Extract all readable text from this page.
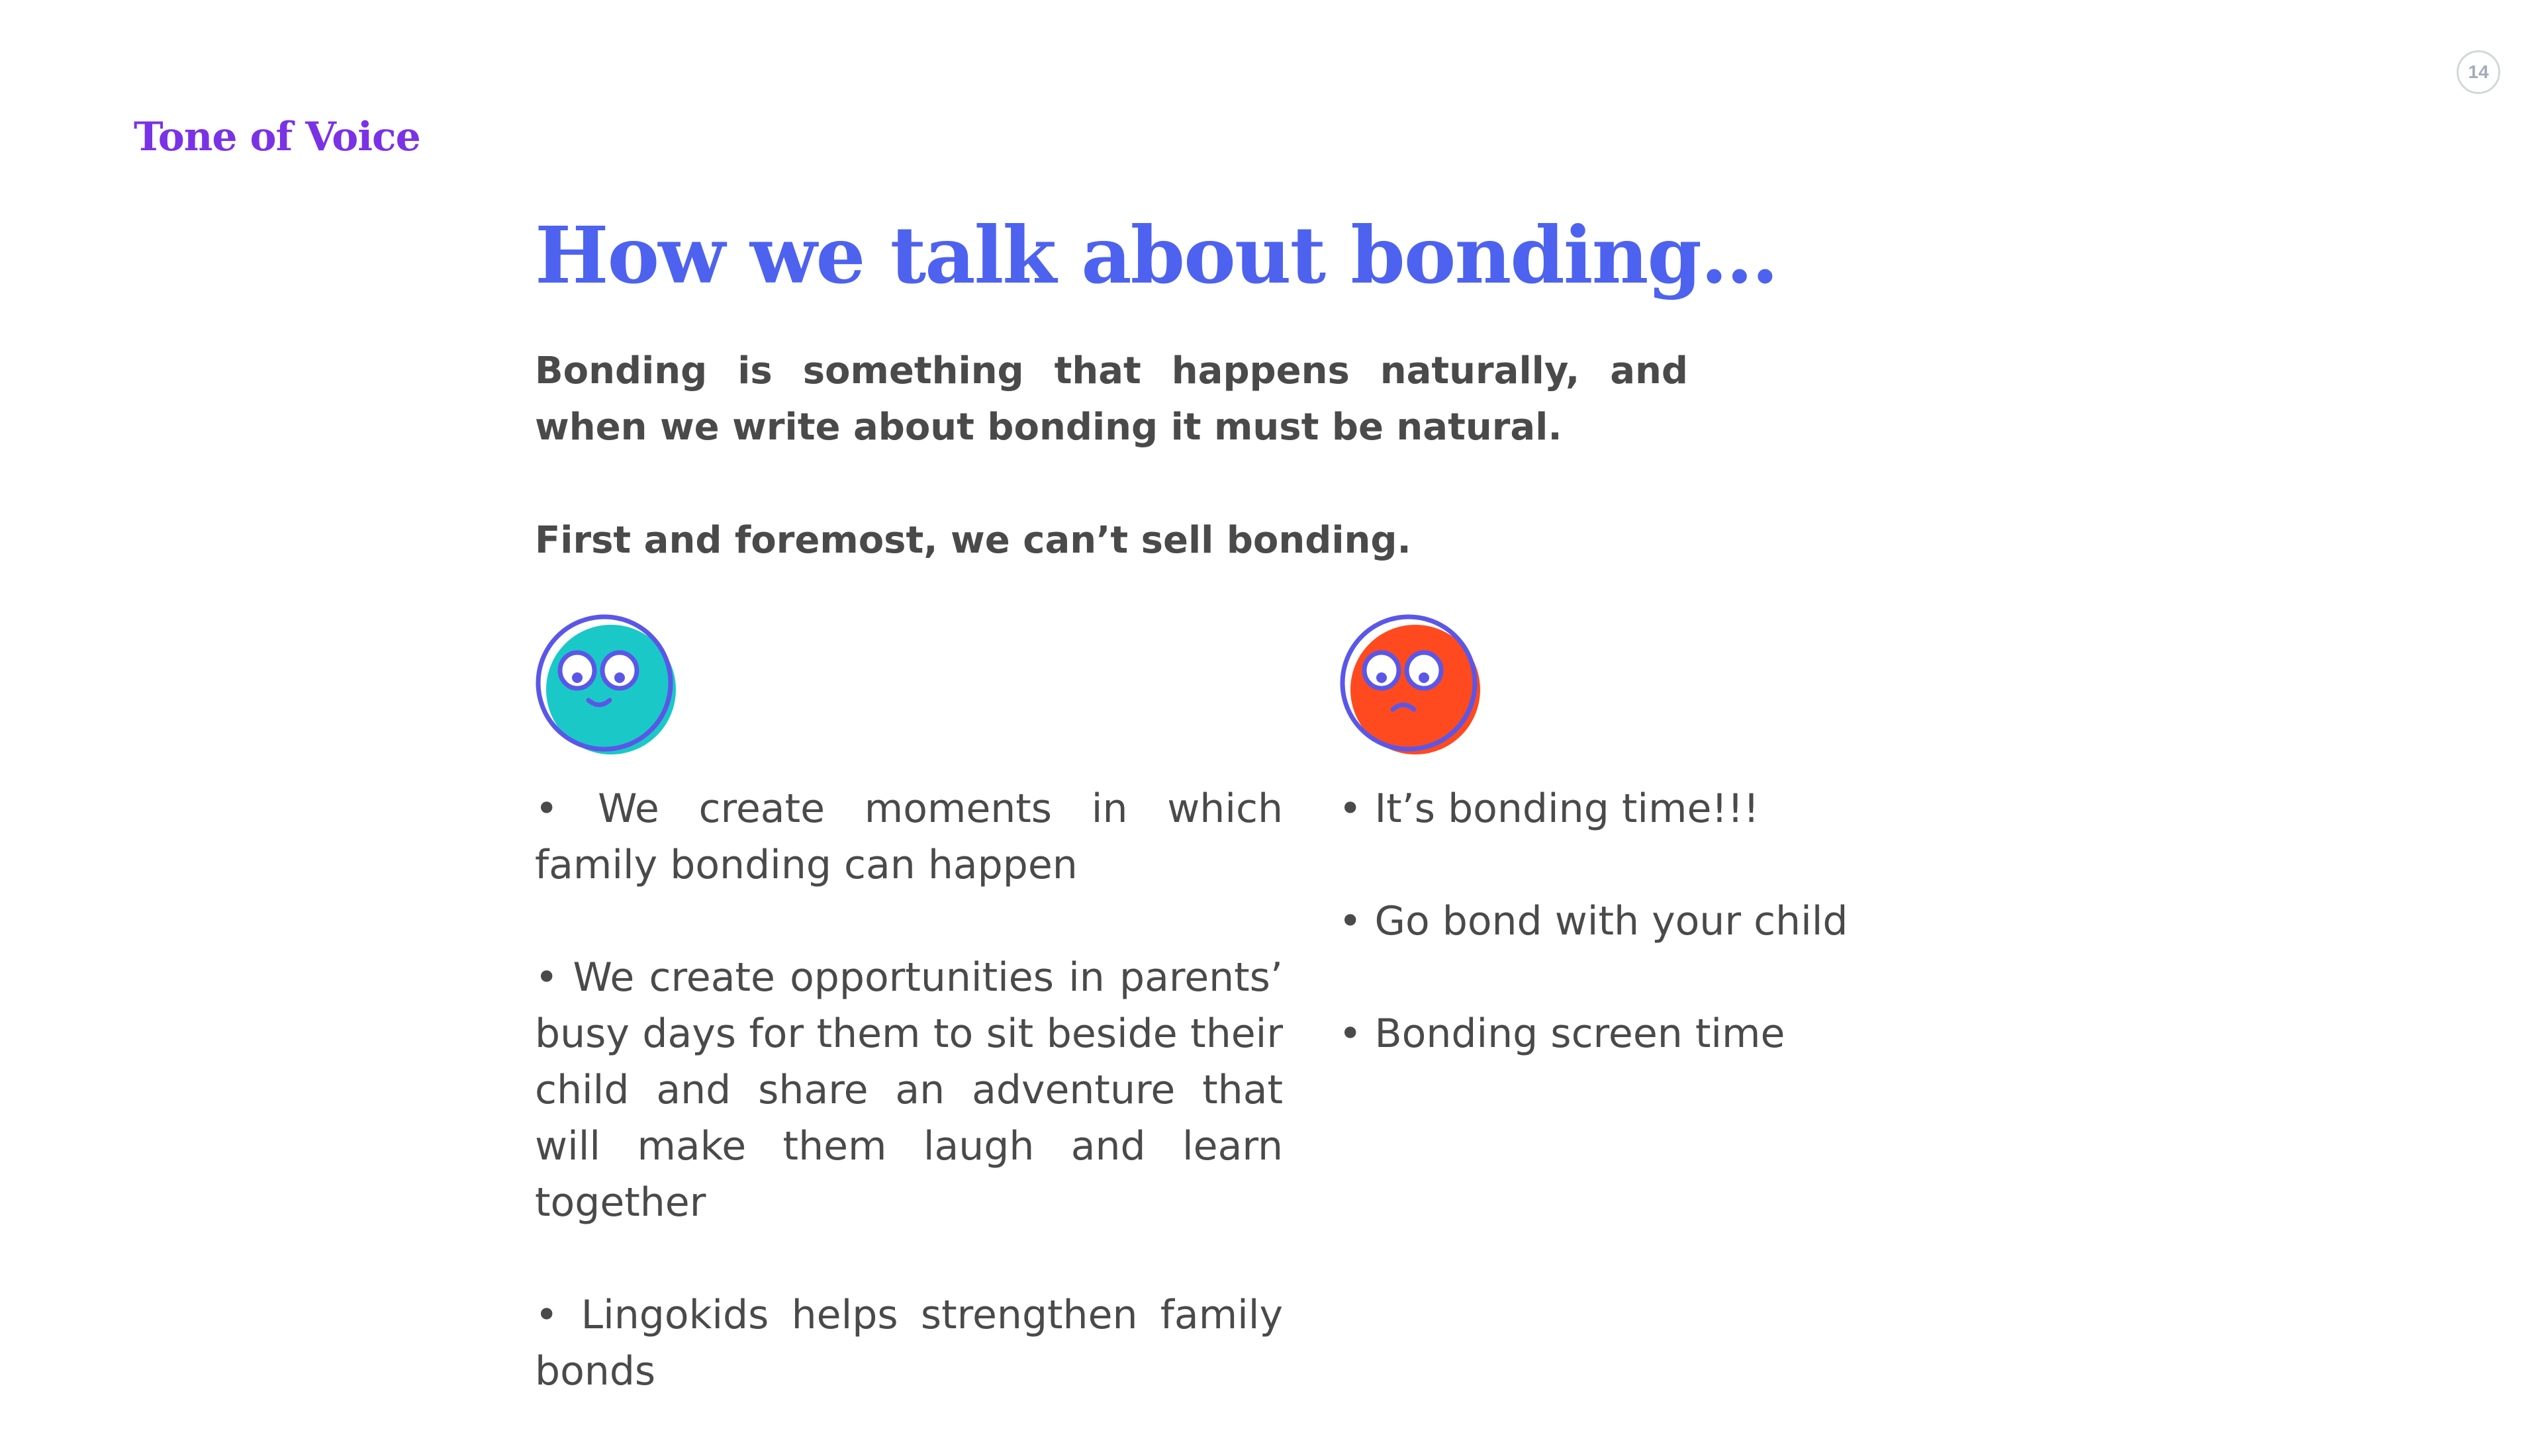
Tone of Voice
14
How we talk about bonding…

Bonding is something that happens naturally, and when we write about bonding it must be natural.

First and foremost, we can’t sell bonding.

• We create moments in which family bonding can happen
• We create opportunities in parents’ busy days for them to sit beside their child and share an adventure that will make them laugh and learn together
• Lingokids helps strengthen family bonds
• It’s bonding time!!!
• Go bond with your child
• Bonding screen time
